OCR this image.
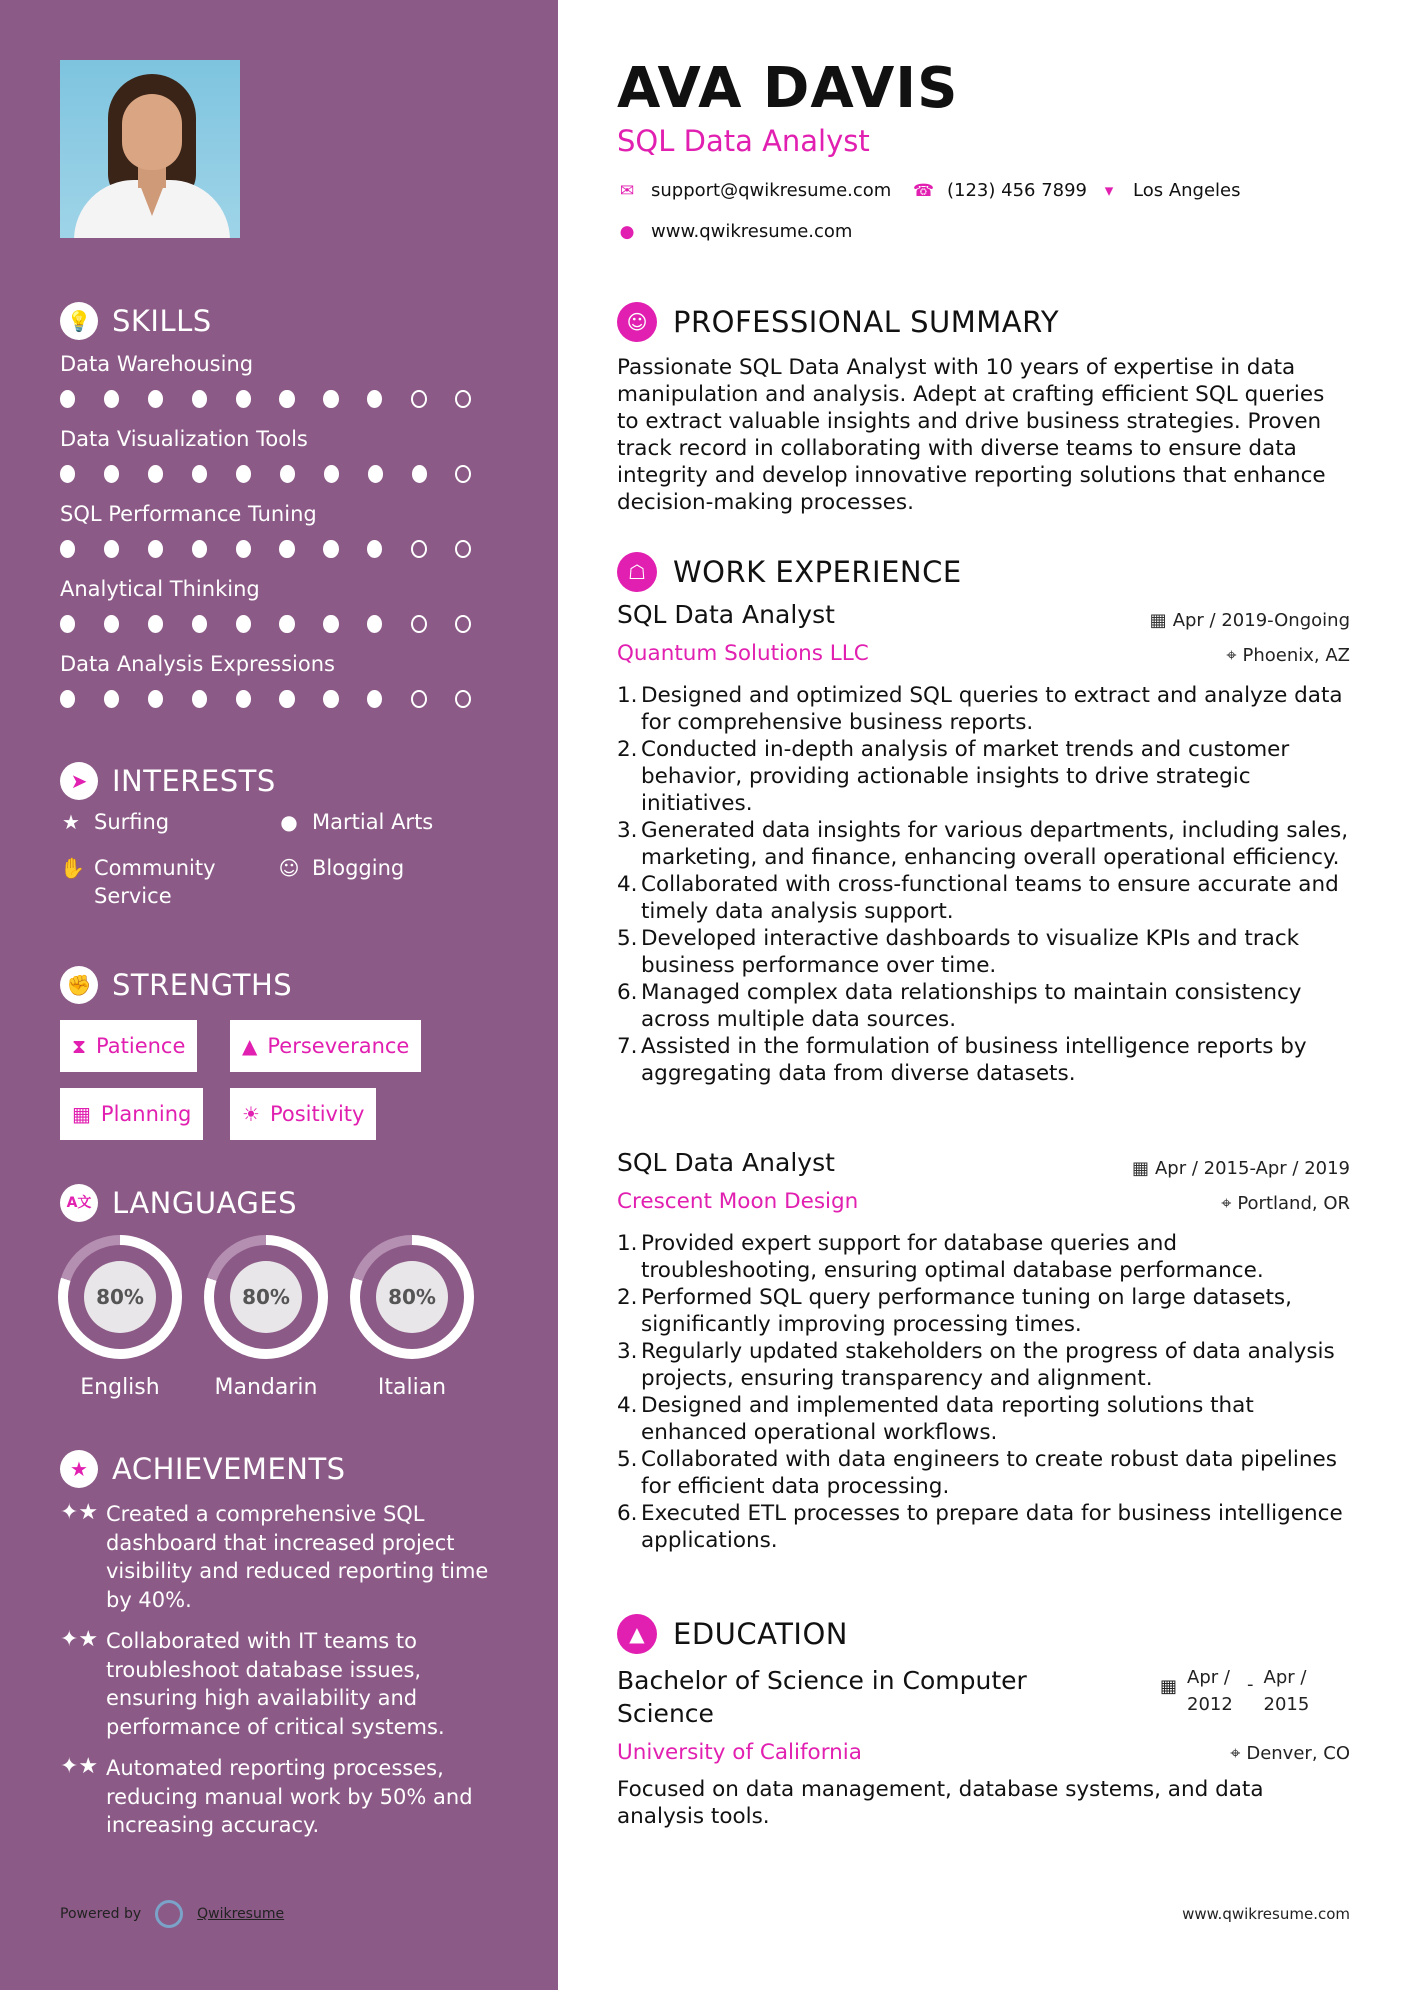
💡 SKILLS
Data Warehousing
Data Visualization Tools
SQL Performance Tuning
Analytical Thinking
Data Analysis Expressions
➤ INTERESTS
★ Surfing	● Martial Arts
✋ Community Service
☺ Blogging
✊ STRENGTHS
⧗ Patience	▲ Perseverance
▦ Planning	☀ Positivity
A文 LANGUAGES
80%
English
80%
Mandarin
80%
Italian
★ ACHIEVEMENTS
✦★ Created a comprehensive SQL dashboard that increased project visibility and reduced reporting time by 40%.
✦★ Collaborated with IT teams to troubleshoot database issues, ensuring high availability and performance of critical systems.
✦★ Automated reporting processes, reducing manual work by 50% and increasing accuracy.
Powered by	Qwikresume
AVA DAVIS
SQL Data Analyst
✉ support@qwikresume.com ☎ (123) 456 7899	▾	Los Angeles
● www.qwikresume.com
☺ PROFESSIONAL SUMMARY
Passionate SQL Data Analyst with 10 years of expertise in data manipulation and analysis. Adept at crafting efficient SQL queries to extract valuable insights and drive business strategies. Proven track record in collaborating with diverse teams to ensure data integrity and develop innovative reporting solutions that enhance decision-making processes.
☖ WORK EXPERIENCE
SQL Data Analyst	▦ Apr / 2019-Ongoing
Quantum Solutions LLC	⌖ Phoenix, AZ
1. Designed and optimized SQL queries to extract and analyze data for comprehensive business reports.
2. Conducted in-depth analysis of market trends and customer behavior, providing actionable insights to drive strategic initiatives.
3. Generated data insights for various departments, including sales, marketing, and finance, enhancing overall operational efficiency.
4. Collaborated with cross-functional teams to ensure accurate and timely data analysis support.
5. Developed interactive dashboards to visualize KPIs and track business performance over time.
6. Managed complex data relationships to maintain consistency across multiple data sources.
7. Assisted in the formulation of business intelligence reports by aggregating data from diverse datasets.
SQL Data Analyst	▦ Apr / 2015-Apr / 2019
Crescent Moon Design	⌖ Portland, OR
1. Provided expert support for database queries and troubleshooting, ensuring optimal database performance.
2. Performed SQL query performance tuning on large datasets, significantly improving processing times.
3. Regularly updated stakeholders on the progress of data analysis projects, ensuring transparency and alignment.
4. Designed and implemented data reporting solutions that enhanced operational workflows.
5. Collaborated with data engineers to create robust data pipelines for efficient data processing.
6. Executed ETL processes to prepare data for business intelligence applications.
▲ EDUCATION
Bachelor of Science in Computer Science
▦ Apr / 2012
- Apr / 2015
University of California	⌖ Denver, CO
Focused on data management, database systems, and data analysis tools.
www.qwikresume.com
